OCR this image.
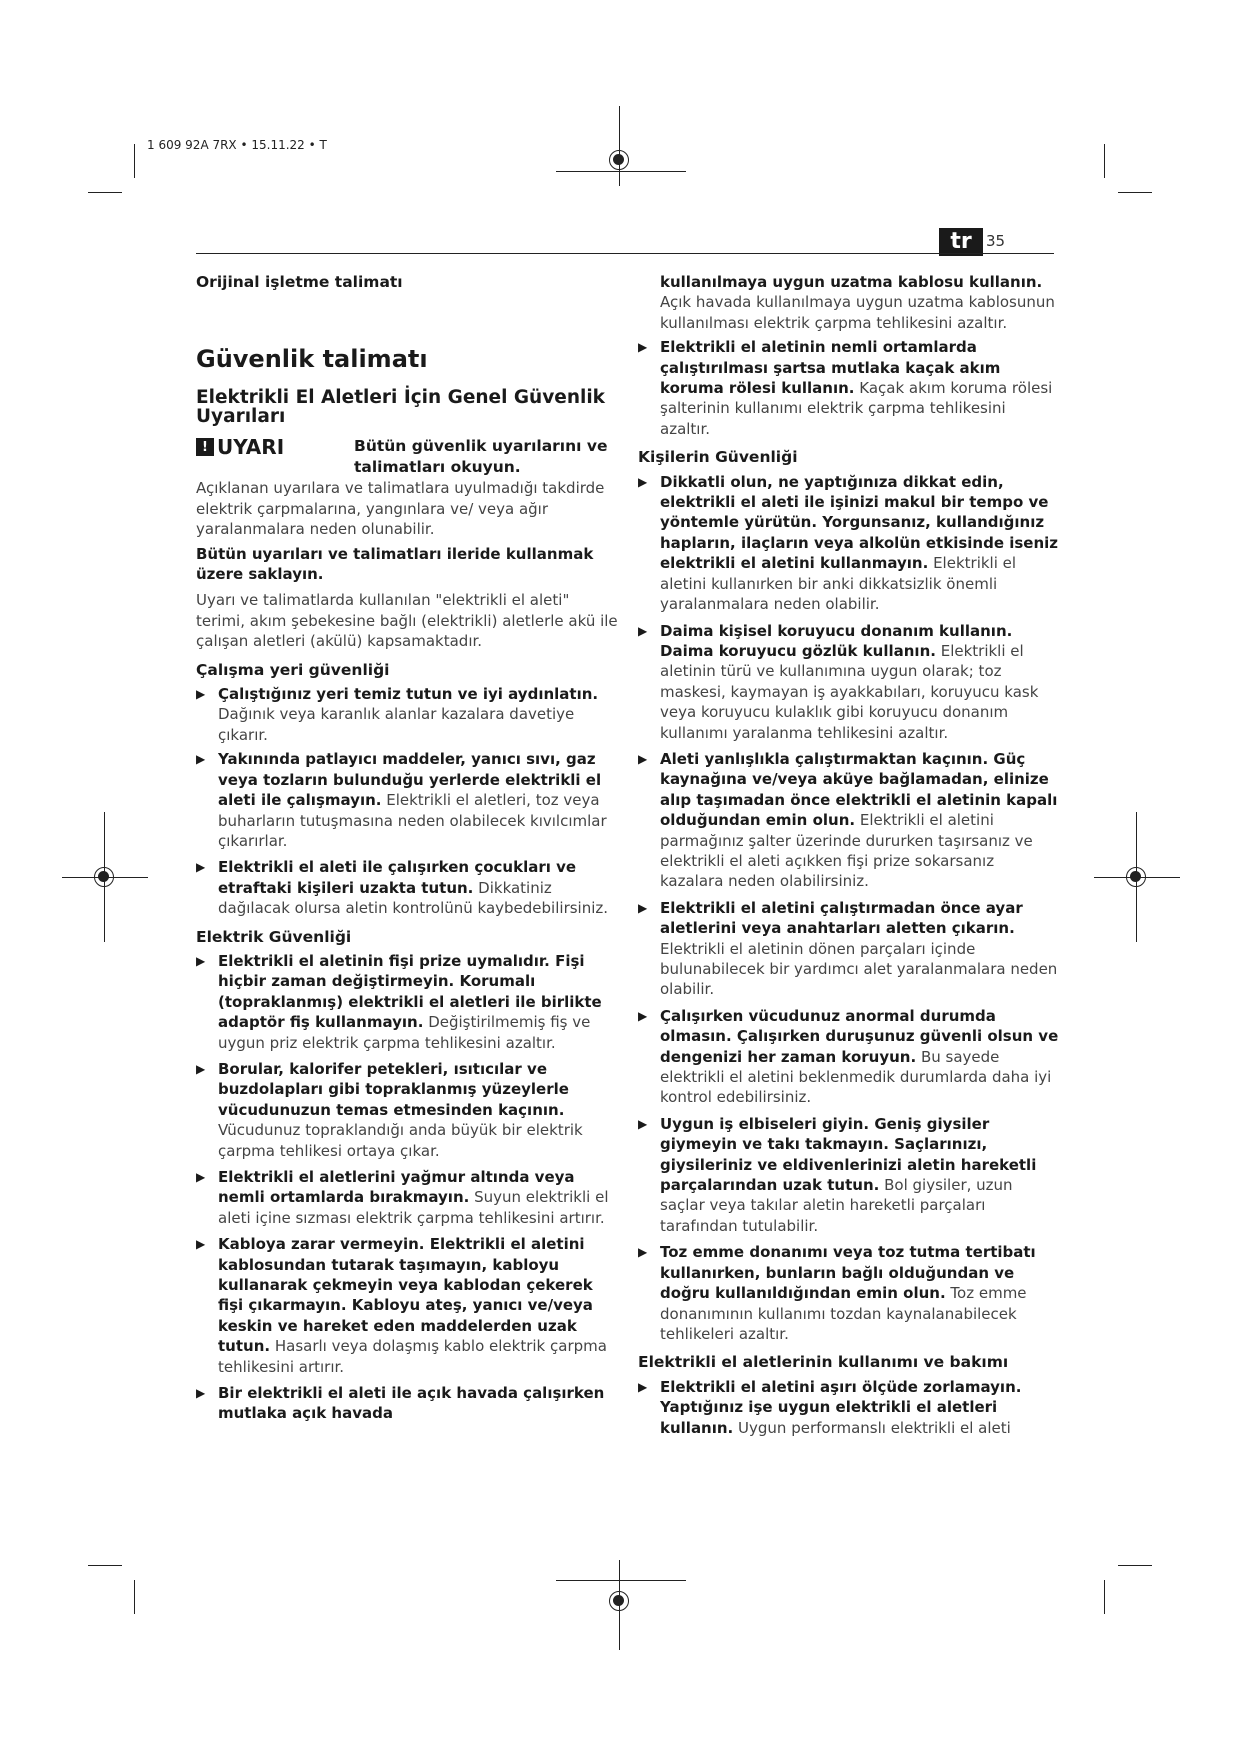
1 609 92A 7RX • 15.11.22 • T
tr 35

Orijinal işletme talimatı

Güvenlik talimatı

Elektrikli El Aletleri İçin Genel Güvenlik Uyarıları

! UYARI	Bütün güvenlik uyarılarını ve talimatları okuyun.

Açıklanan uyarılara ve talimatlara uyulmadığı takdirde elektrik çarpmalarına, yangınlara ve/ veya ağır yaralanmalara neden olunabilir.

Bütün uyarıları ve talimatları ileride kullanmak üzere saklayın.

Uyarı ve talimatlarda kullanılan "elektrikli el aleti" terimi, akım şebekesine bağlı (elektrikli) aletlerle akü ile çalışan aletleri (akülü) kapsamaktadır.

Çalışma yeri güvenliği

▶ Çalıştığınız yeri temiz tutun ve iyi aydınlatın. Dağınık veya karanlık alanlar kazalara davetiye çıkarır.
▶ Yakınında patlayıcı maddeler, yanıcı sıvı, gaz veya tozların bulunduğu yerlerde elektrikli el aleti ile çalışmayın. Elektrikli el aletleri, toz veya buharların tutuşmasına neden olabilecek kıvılcımlar çıkarırlar.
▶ Elektrikli el aleti ile çalışırken çocukları ve etraftaki kişileri uzakta tutun. Dikkatiniz dağılacak olursa aletin kontrolünü kaybedebilirsiniz.

Elektrik Güvenliği

▶ Elektrikli el aletinin fişi prize uymalıdır. Fişi hiçbir zaman değiştirmeyin. Korumalı (topraklanmış) elektrikli el aletleri ile birlikte adaptör fiş kullanmayın. Değiştirilmemiş fiş ve uygun priz elektrik çarpma tehlikesini azaltır.
▶ Borular, kalorifer petekleri, ısıtıcılar ve buzdolapları gibi topraklanmış yüzeylerle vücudunuzun temas etmesinden kaçının. Vücudunuz topraklandığı anda büyük bir elektrik çarpma tehlikesi ortaya çıkar.
▶ Elektrikli el aletlerini yağmur altında veya nemli ortamlarda bırakmayın. Suyun elektrikli el aleti içine sızması elektrik çarpma tehlikesini artırır.
▶ Kabloya zarar vermeyin. Elektrikli el aletini kablosundan tutarak taşımayın, kabloyu kullanarak çekmeyin veya kablodan çekerek fişi çıkarmayın. Kabloyu ateş, yanıcı ve/veya keskin ve hareket eden maddelerden uzak tutun. Hasarlı veya dolaşmış kablo elektrik çarpma tehlikesini artırır.
▶ Bir elektrikli el aleti ile açık havada çalışırken mutlaka açık havada
kullanılmaya uygun uzatma kablosu kullanın. Açık havada kullanılmaya uygun uzatma kablosunun kullanılması elektrik çarpma tehlikesini azaltır.
▶ Elektrikli el aletinin nemli ortamlarda çalıştırılması şartsa mutlaka kaçak akım koruma rölesi kullanın. Kaçak akım koruma rölesi şalterinin kullanımı elektrik çarpma tehlikesini azaltır.

Kişilerin Güvenliği

▶ Dikkatli olun, ne yaptığınıza dikkat edin, elektrikli el aleti ile işinizi makul bir tempo ve yöntemle yürütün. Yorgunsanız, kullandığınız hapların, ilaçların veya alkolün etkisinde iseniz elektrikli el aletini kullanmayın. Elektrikli el aletini kullanırken bir anki dikkatsizlik önemli yaralanmalara neden olabilir.
▶ Daima kişisel koruyucu donanım kullanın. Daima koruyucu gözlük kullanın. Elektrikli el aletinin türü ve kullanımına uygun olarak; toz maskesi, kaymayan iş ayakkabıları, koruyucu kask veya koruyucu kulaklık gibi koruyucu donanım kullanımı yaralanma tehlikesini azaltır.
▶ Aleti yanlışlıkla çalıştırmaktan kaçının. Güç kaynağına ve/veya aküye bağlamadan, elinize alıp taşımadan önce elektrikli el aletinin kapalı olduğundan emin olun. Elektrikli el aletini parmağınız şalter üzerinde dururken taşırsanız ve elektrikli el aleti açıkken fişi prize sokarsanız kazalara neden olabilirsiniz.
▶ Elektrikli el aletini çalıştırmadan önce ayar aletlerini veya anahtarları aletten çıkarın. Elektrikli el aletinin dönen parçaları içinde bulunabilecek bir yardımcı alet yaralanmalara neden olabilir.
▶ Çalışırken vücudunuz anormal durumda olmasın. Çalışırken duruşunuz güvenli olsun ve dengenizi her zaman koruyun. Bu sayede elektrikli el aletini beklenmedik durumlarda daha iyi kontrol edebilirsiniz.
▶ Uygun iş elbiseleri giyin. Geniş giysiler giymeyin ve takı takmayın. Saçlarınızı, giysileriniz ve eldivenlerinizi aletin hareketli parçalarından uzak tutun. Bol giysiler, uzun saçlar veya takılar aletin hareketli parçaları tarafından tutulabilir.
▶ Toz emme donanımı veya toz tutma tertibatı kullanırken, bunların bağlı olduğundan ve doğru kullanıldığından emin olun. Toz emme donanımının kullanımı tozdan kaynalanabilecek tehlikeleri azaltır.

Elektrikli el aletlerinin kullanımı ve bakımı

▶ Elektrikli el aletini aşırı ölçüde zorlamayın. Yaptığınız işe uygun elektrikli el aletleri kullanın. Uygun performanslı elektrikli el aleti
